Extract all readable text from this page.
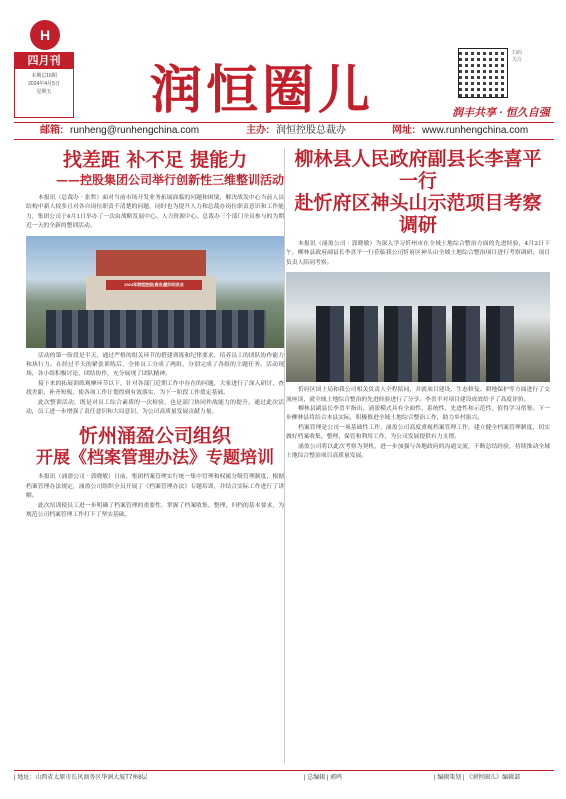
H
四月刊
本期总16期
2024年4月5日
星期五	润恒圈儿
扫码关注
润丰共享 · 恒久自强
邮箱: runheng@runhengchina.com	主办: 润恒控股总裁办	网址: www.runhengchina.com
找差距 补不足 提能力
——控股集团公司举行创新性三维整训活动

本报讯（总裁办 · 张哲）面对当前市场开发业务拓展面临的问题和困境，解决战发中心当前人员结构中新人较多且对各自岗位职责不清楚的问题，同时也为提升人力和总裁办岗位职责意识和工作能力，集团公司于4月1日举办了一次由战略发展中心、人力资源中心、总裁办三个部门全员参与的为期近一天的全新的整训活动。

2024年润恒控股(商业)整训动员会

活动的第一阶段是半天，通过严格的组关环节的搭建训练和纪律要求，培养员工的团队协作能力和执行力。在经过半天的紧张训练后，全体员工分成了两组，分别完成了各组的主题任务。活动现场，各小组积极讨论、团结协作，充分展现了团队精神。

接下来的拓展训练观摩环节以下，针对各部门近期工作中存在的问题，大家进行了深入研讨，查找差距、补齐短板，使各项工作计划得到有效落实，为下一阶段工作奠定基础。

此次整训活动，既是对员工综合素质的一次检验，也是部门协同作战能力的提升。通过此次活动，员工进一步增强了责任意识和大局意识，为公司高质量发展贡献力量。

忻州涌盈公司组织
开展《档案管理办法》专题培训

本报讯（涌盈公司 · 郭晓敏）日前，集团档案管理实行统一集中管理和权属分级管理制度，根据档案管理办法规定，涌盈公司组织全员开展了《档案管理办法》专题培训，并结合实际工作进行了讲解。

此次培训使员工进一步明确了档案管理的重要性，掌握了档案收集、整理、归档的基本要求，为规范公司档案管理工作打下了坚实基础。

柳林县人民政府副县长李喜平一行
赴忻府区神头山示范项目考察调研

本报讯（涌盈公司 · 郭晓敏）为深入学习忻州市在全域土地综合整治方面的先进经验，4月2日下午，柳林县政府副县长李喜平一行莅临我公司忻府区神头山全域土地综合整治项目进行考察调研，项目负责人陪同考察。

忻府区国土局和我公司相关负责人全程陪同，并就项目建设、生态修复、耕地保护等方面进行了交流座谈，就全域土地综合整治的先进经验进行了分享。李喜平对项目建设成效给予了高度评价。

柳林县副县长李喜平指出，涌盈模式具有全面性、系统性、先进性和示范性，值得学习借鉴。下一步柳林县将结合本县实际，积极推进全域土地综合整治工作，助力乡村振兴。

档案管理是公司一项基础性工作，涌盈公司高度重视档案管理工作，建立健全档案管理制度，切实做好档案收集、整理、保管和利用工作，为公司发展提供有力支撑。

涌盈公司将以此次考察为契机，进一步加强与各地政府的沟通交流，不断总结经验，持续推动全域土地综合整治项目高质量发展。

| 地址：山西省太原市长风商务区华润大厦T7座8层	| 总编辑 | 郭鸣	| 编辑策划 | 《润恒圈儿》编辑部
